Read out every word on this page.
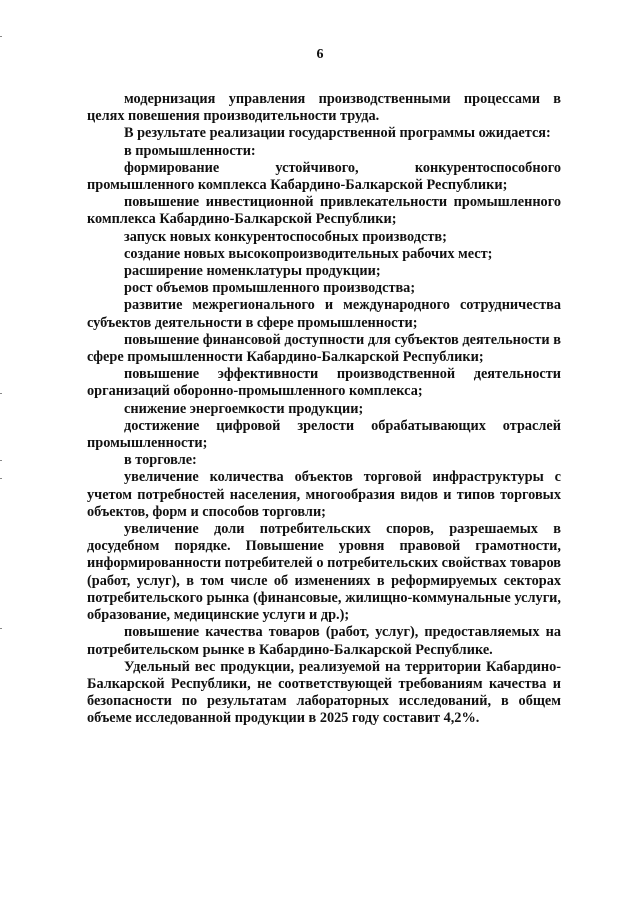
6

модернизация управления производственными процессами в целях повешения производительности труда.

В результате реализации государственной программы ожидается:

в промышленности:

формирование устойчивого, конкурентоспособного промышленного комплекса Кабардино-Балкарской Республики;

повышение инвестиционной привлекательности промышленного комплекса Кабардино-Балкарской Республики;

запуск новых конкурентоспособных производств;

создание новых высокопроизводительных рабочих мест;

расширение номенклатуры продукции;

рост объемов промышленного производства;

развитие межрегионального и международного сотрудничества субъектов деятельности в сфере промышленности;

повышение финансовой доступности для субъектов деятельности в сфере промышленности Кабардино-Балкарской Республики;

повышение эффективности производственной деятельности организаций оборонно-промышленного комплекса;

снижение энергоемкости продукции;

достижение цифровой зрелости обрабатывающих отраслей промышленности;

в торговле:

увеличение количества объектов торговой инфраструктуры с учетом потребностей населения, многообразия видов и типов торговых объектов, форм и способов торговли;

увеличение доли потребительских споров, разрешаемых в досудебном порядке. Повышение уровня правовой грамотности, информированности потребителей о потребительских свойствах товаров (работ, услуг), в том числе об изменениях в реформируемых секторах потребительского рынка (финансовые, жилищно-коммунальные услуги, образование, медицинские услуги и др.);

повышение качества товаров (работ, услуг), предоставляемых на потребительском рынке в Кабардино-Балкарской Республике.

Удельный вес продукции, реализуемой на территории Кабардино-Балкарской Республики, не соответствующей требованиям качества и безопасности по результатам лабораторных исследований, в общем объеме исследованной продукции в 2025 году составит 4,2%.
